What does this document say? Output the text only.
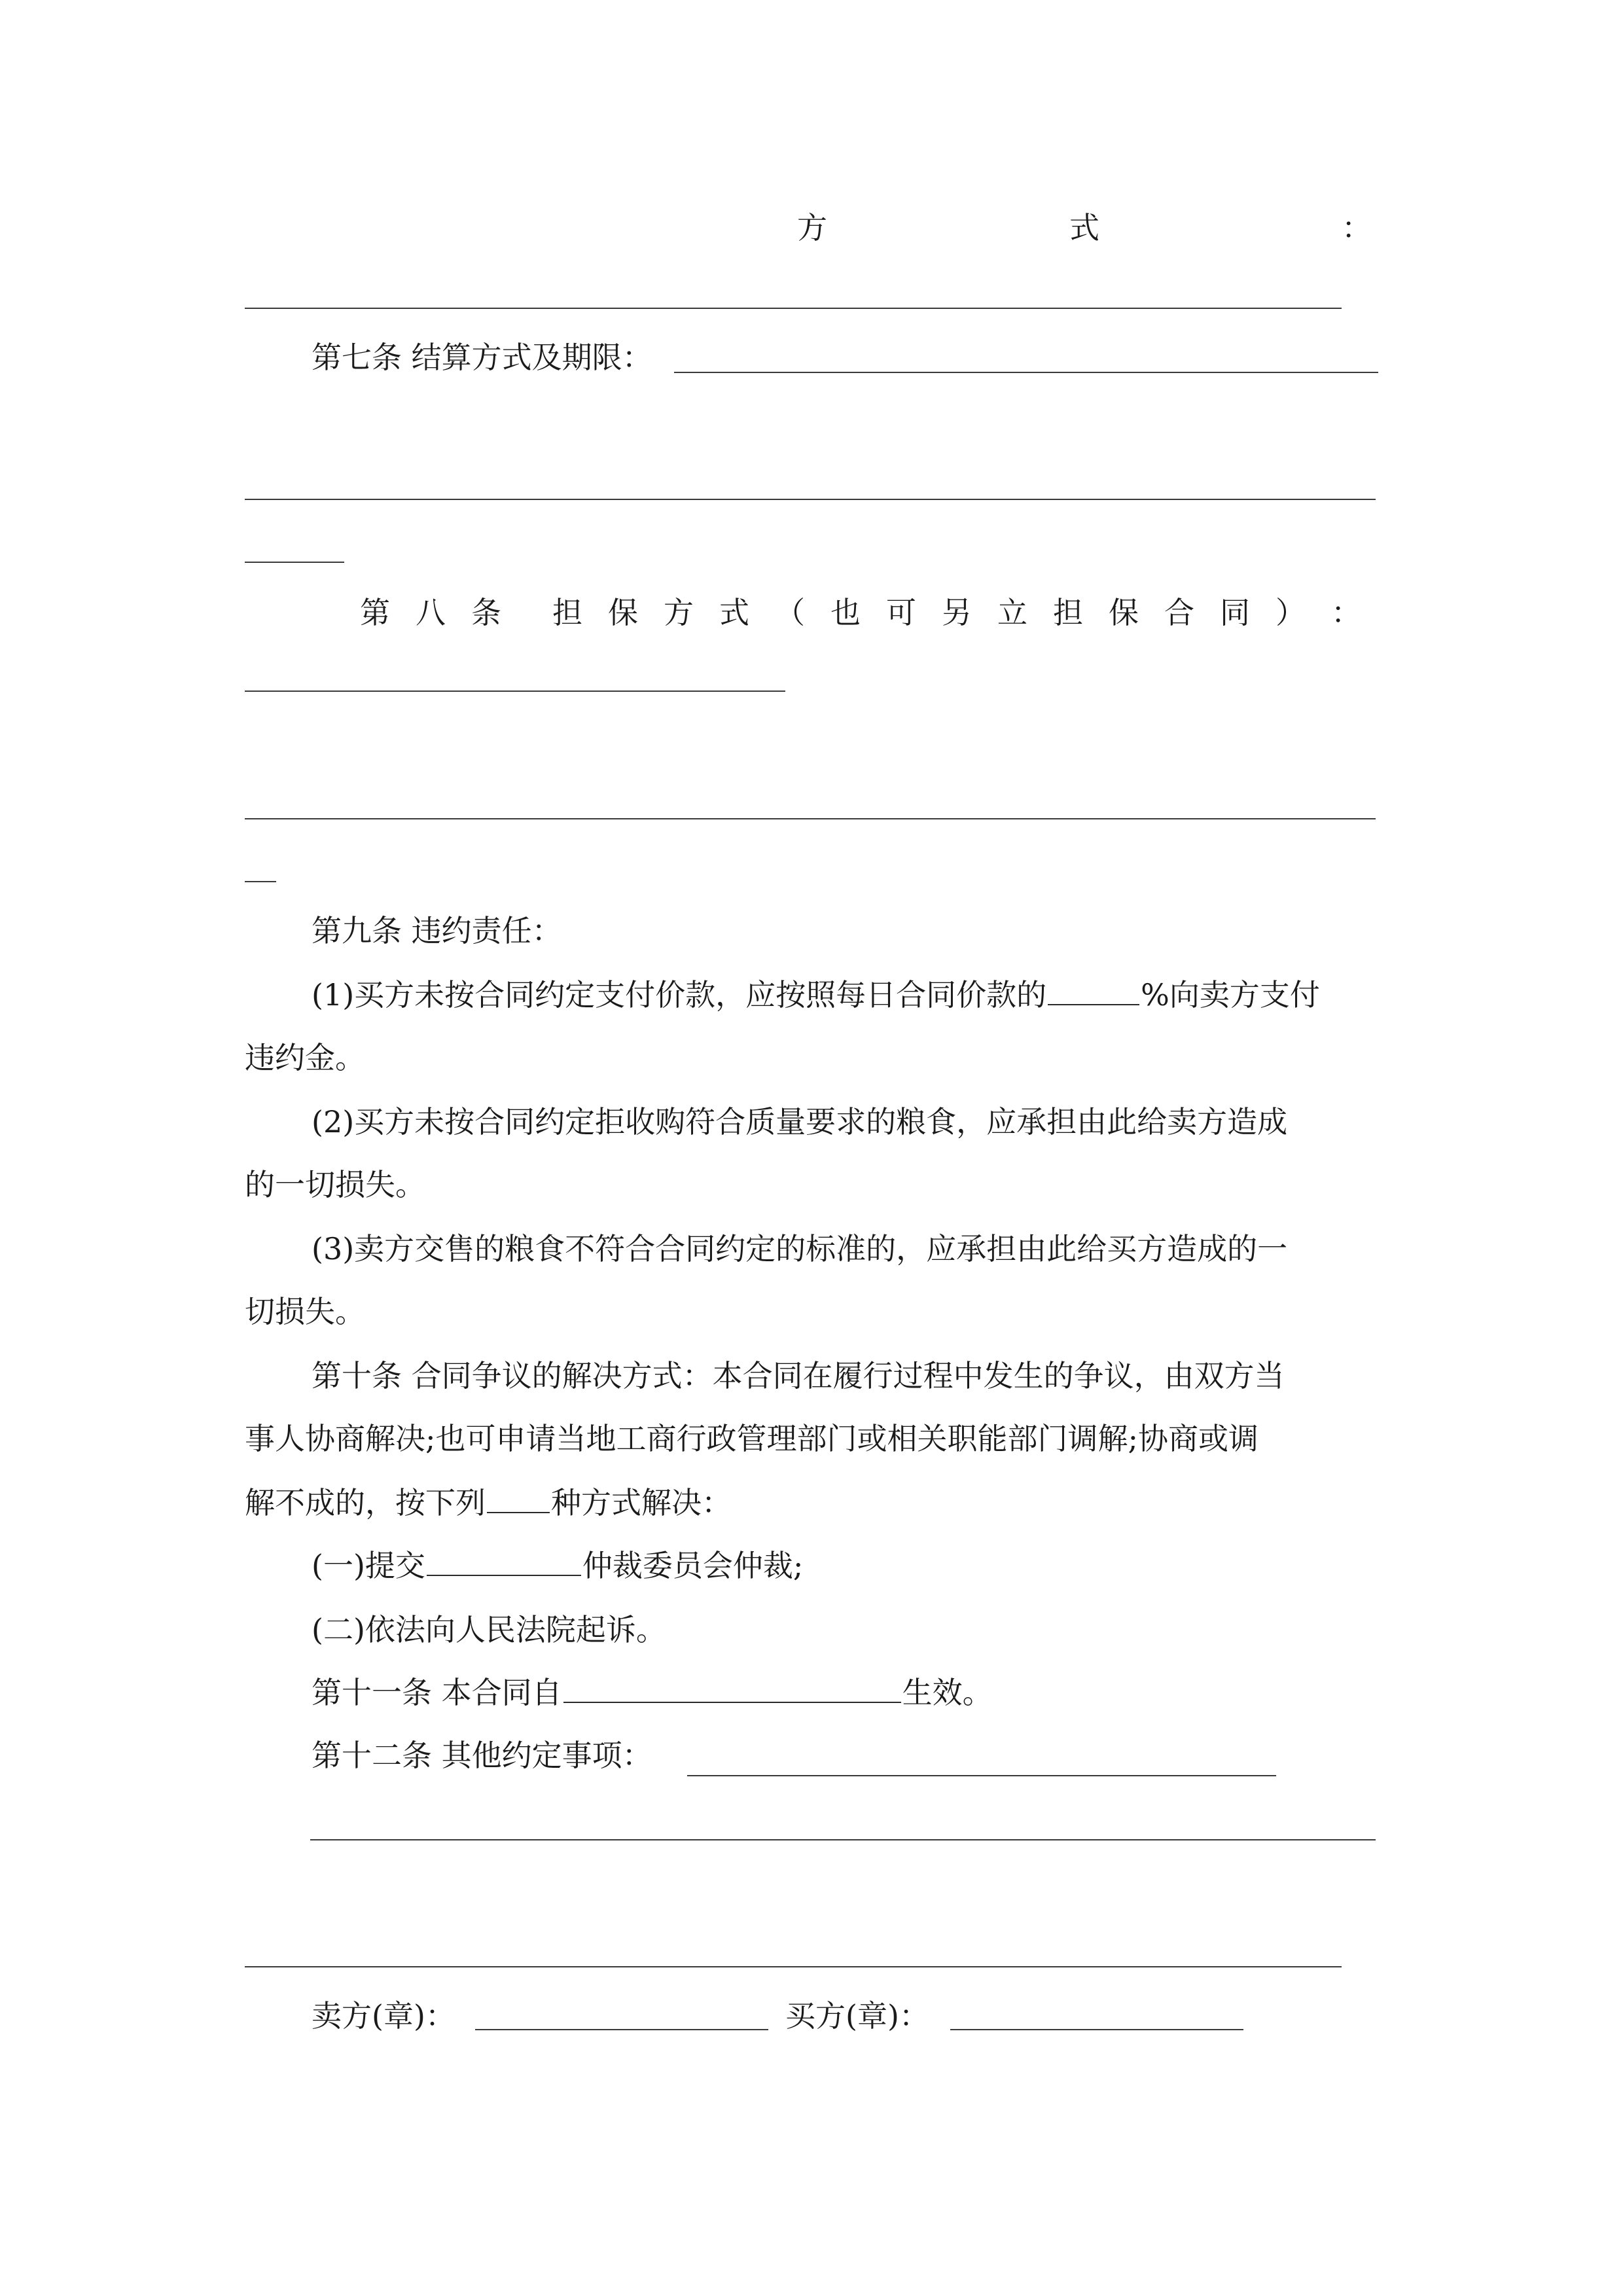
方	式	：
第七条 结算方式及期限：
第 八 条 担 保 方 式 （ 也 可 另 立 担 保 合 同 ） ：
第九条 违约责任：
(1)买方未按合同约定支付价款，应按照每日合同价款的	%向卖方支付
违约金。
(2)买方未按合同约定拒收购符合质量要求的粮食，应承担由此给卖方造成
的一切损失。
(3)卖方交售的粮食不符合合同约定的标准的，应承担由此给买方造成的一
切损失。
第十条 合同争议的解决方式：本合同在履行过程中发生的争议，由双方当
事人协商解决;也可申请当地工商行政管理部门或相关职能部门调解;协商或调
解不成的，按下列 种方式解决：
(一)提交	仲裁委员会仲裁;
(二)依法向人民法院起诉。
第十一条 本合同自	生效。
第十二条 其他约定事项：
卖方(章)：	买方(章)：
